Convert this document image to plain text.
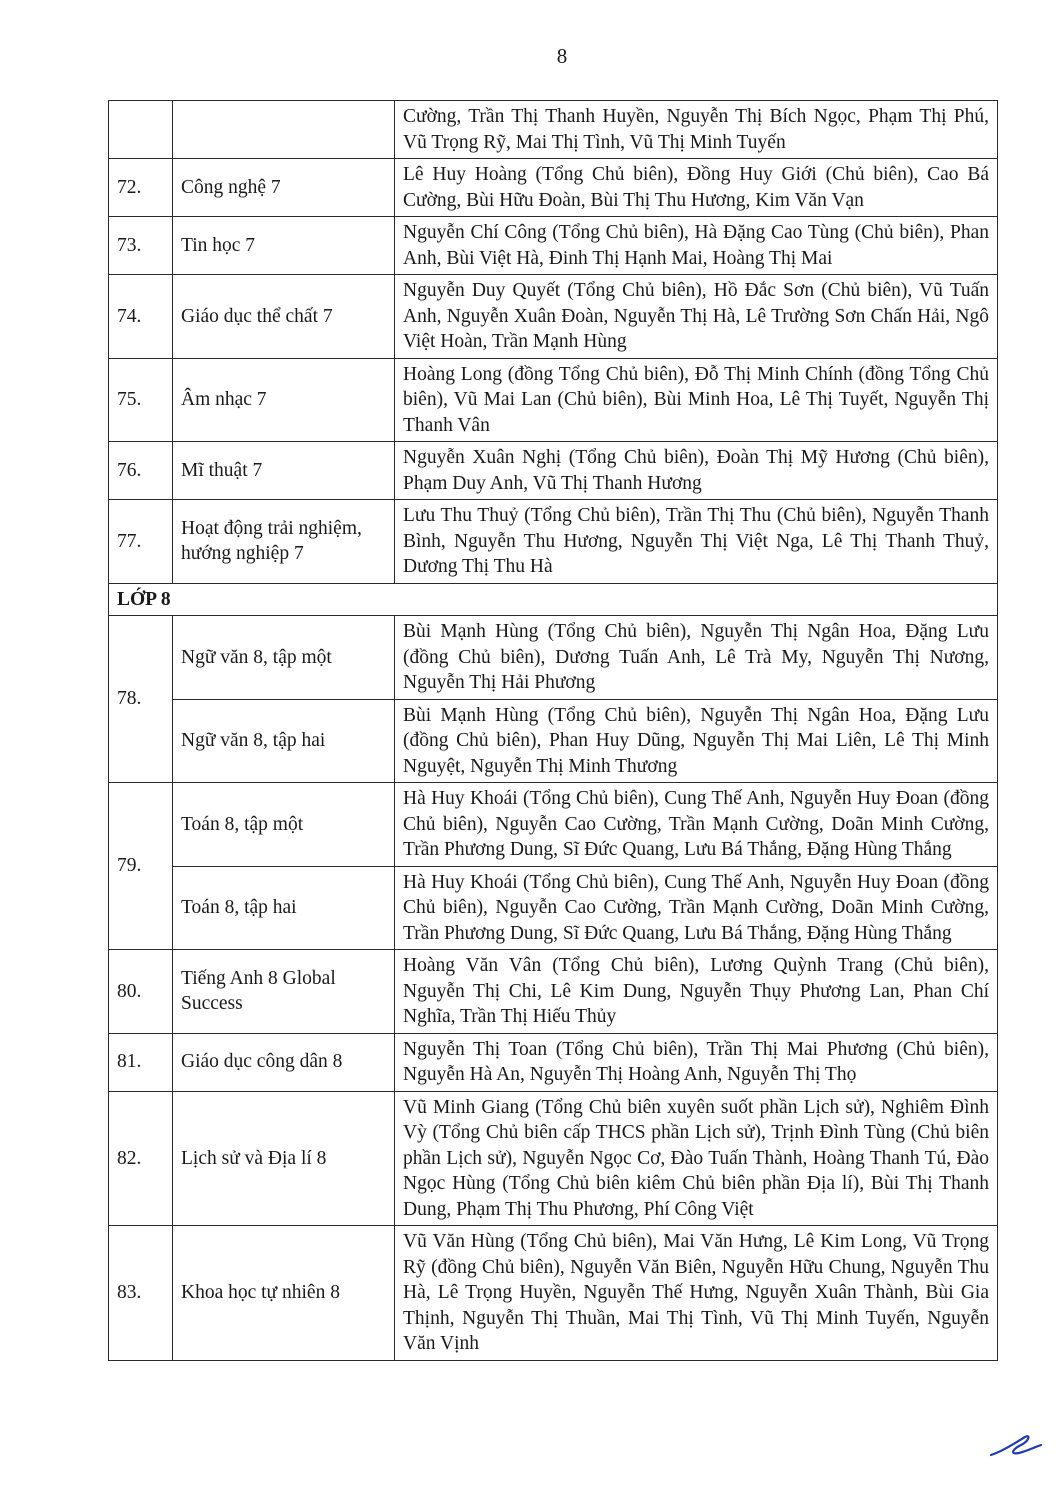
8
		Cường, Trần Thị Thanh Huyền, Nguyễn Thị Bích Ngọc, Phạm Thị Phú, Vũ Trọng Rỹ, Mai Thị Tình, Vũ Thị Minh Tuyến
72.	Công nghệ 7	Lê Huy Hoàng (Tổng Chủ biên), Đồng Huy Giới (Chủ biên), Cao Bá Cường, Bùi Hữu Đoàn, Bùi Thị Thu Hương, Kim Văn Vạn
73.	Tin học 7	Nguyễn Chí Công (Tổng Chủ biên), Hà Đặng Cao Tùng (Chủ biên), Phan Anh, Bùi Việt Hà, Đinh Thị Hạnh Mai, Hoàng Thị Mai
74.	Giáo dục thể chất 7	Nguyễn Duy Quyết (Tổng Chủ biên), Hồ Đắc Sơn (Chủ biên), Vũ Tuấn Anh, Nguyễn Xuân Đoàn, Nguyễn Thị Hà, Lê Trường Sơn Chấn Hải, Ngô Việt Hoàn, Trần Mạnh Hùng
75.	Âm nhạc 7	Hoàng Long (đồng Tổng Chủ biên), Đỗ Thị Minh Chính (đồng Tổng Chủ biên), Vũ Mai Lan (Chủ biên), Bùi Minh Hoa, Lê Thị Tuyết, Nguyễn Thị Thanh Vân
76.	Mĩ thuật 7	Nguyễn Xuân Nghị (Tổng Chủ biên), Đoàn Thị Mỹ Hương (Chủ biên), Phạm Duy Anh, Vũ Thị Thanh Hương
77.	Hoạt động trải nghiệm, hướng nghiệp 7	Lưu Thu Thuỷ (Tổng Chủ biên), Trần Thị Thu (Chủ biên), Nguyễn Thanh Bình, Nguyễn Thu Hương, Nguyễn Thị Việt Nga, Lê Thị Thanh Thuỷ, Dương Thị Thu Hà
LỚP 8		
78.	Ngữ văn 8, tập một	Bùi Mạnh Hùng (Tổng Chủ biên), Nguyễn Thị Ngân Hoa, Đặng Lưu (đồng Chủ biên), Dương Tuấn Anh, Lê Trà My, Nguyễn Thị Nương, Nguyễn Thị Hải Phương
	Ngữ văn 8, tập hai	Bùi Mạnh Hùng (Tổng Chủ biên), Nguyễn Thị Ngân Hoa, Đặng Lưu (đồng Chủ biên), Phan Huy Dũng, Nguyễn Thị Mai Liên, Lê Thị Minh Nguyệt, Nguyễn Thị Minh Thương
79.	Toán 8, tập một	Hà Huy Khoái (Tổng Chủ biên), Cung Thế Anh, Nguyễn Huy Đoan (đồng Chủ biên), Nguyễn Cao Cường, Trần Mạnh Cường, Doãn Minh Cường, Trần Phương Dung, Sĩ Đức Quang, Lưu Bá Thắng, Đặng Hùng Thắng
	Toán 8, tập hai	Hà Huy Khoái (Tổng Chủ biên), Cung Thế Anh, Nguyễn Huy Đoan (đồng Chủ biên), Nguyễn Cao Cường, Trần Mạnh Cường, Doãn Minh Cường, Trần Phương Dung, Sĩ Đức Quang, Lưu Bá Thắng, Đặng Hùng Thắng
80.	Tiếng Anh 8 Global Success	Hoàng Văn Vân (Tổng Chủ biên), Lương Quỳnh Trang (Chủ biên), Nguyễn Thị Chi, Lê Kim Dung, Nguyễn Thụy Phương Lan, Phan Chí Nghĩa, Trần Thị Hiếu Thủy
81.	Giáo dục công dân 8	Nguyễn Thị Toan (Tổng Chủ biên), Trần Thị Mai Phương (Chủ biên), Nguyễn Hà An, Nguyễn Thị Hoàng Anh, Nguyễn Thị Thọ
82.	Lịch sử và Địa lí 8	Vũ Minh Giang (Tổng Chủ biên xuyên suốt phần Lịch sử), Nghiêm Đình Vỳ (Tổng Chủ biên cấp THCS phần Lịch sử), Trịnh Đình Tùng (Chủ biên phần Lịch sử), Nguyễn Ngọc Cơ, Đào Tuấn Thành, Hoàng Thanh Tú, Đào Ngọc Hùng (Tổng Chủ biên kiêm Chủ biên phần Địa lí), Bùi Thị Thanh Dung, Phạm Thị Thu Phương, Phí Công Việt
83.	Khoa học tự nhiên 8	Vũ Văn Hùng (Tổng Chủ biên), Mai Văn Hưng, Lê Kim Long, Vũ Trọng Rỹ (đồng Chủ biên), Nguyễn Văn Biên, Nguyễn Hữu Chung, Nguyễn Thu Hà, Lê Trọng Huyền, Nguyễn Thế Hưng, Nguyễn Xuân Thành, Bùi Gia Thịnh, Nguyễn Thị Thuần, Mai Thị Tình, Vũ Thị Minh Tuyến, Nguyễn Văn Vịnh
